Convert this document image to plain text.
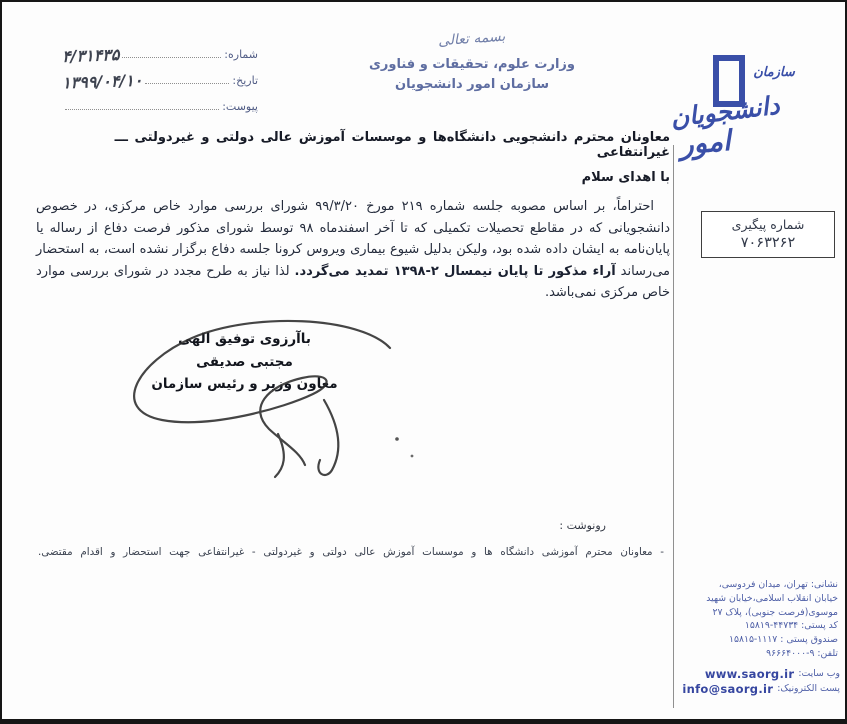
شماره:
۴/۳۱۴۳۵
تاریخ:
۱۳۹۹/۰۴/۱۰
پیوست:
بسمه تعالی
وزارت علوم، تحقیقات و فناوری
سازمان امور دانشجویان
سازمان
دانشجویان
امور
معاونان محترم دانشجویی دانشگاه‌ها و موسسات آموزش عالی دولتی و غیردولتی ـــ غیرانتفاعی
با اهدای سلام

احتراماً، بر اساس مصوبه جلسه شماره ۲۱۹ مورخ ۹۹/۳/۲۰ شورای بررسی موارد خاص مرکزی، در خصوص دانشجویانی که در مقاطع تحصیلات تکمیلی که تا آخر اسفندماه ۹۸ توسط شورای مذکور فرصت دفاع از رساله یا پایان‌نامه به ایشان داده شده بود، ولیکن بدلیل شیوع بیماری ویروس کرونا جلسه دفاع برگزار نشده است، به استحضار می‌رساند آراء مذکور تا پایان نیمسال ۲-۱۳۹۸ تمدید می‌گردد. لذا نیاز به طرح مجدد در شورای بررسی موارد خاص مرکزی نمی‌باشد.

شماره پیگیری
۷۰۶۳۲۶۲
باآرزوی توفیق الهی
مجتبی صدیقی
معاون وزیر و رئیس سازمان
رونوشت :
- معاونان محترم آموزشی دانشگاه ها و موسسات آموزش عالی دولتی و غیردولتی - غیرانتفاعی جهت استحضار و اقدام مقتضی.
نشانی: تهران، میدان فردوسی،
خیابان انقلاب اسلامی،خیابان شهید
موسوی(فرصت جنوبی)، پلاک ۲۷
کد پستی: ۱۵۸۱۹-۴۴۷۳۴
صندوق پستی : ۱۵۸۱۵-۱۱۱۷
تلفن: ۹۶۶۶۴۰۰۰-۹
وب سایت:
www.saorg.ir
پست الکترونیک:
info@saorg.ir
